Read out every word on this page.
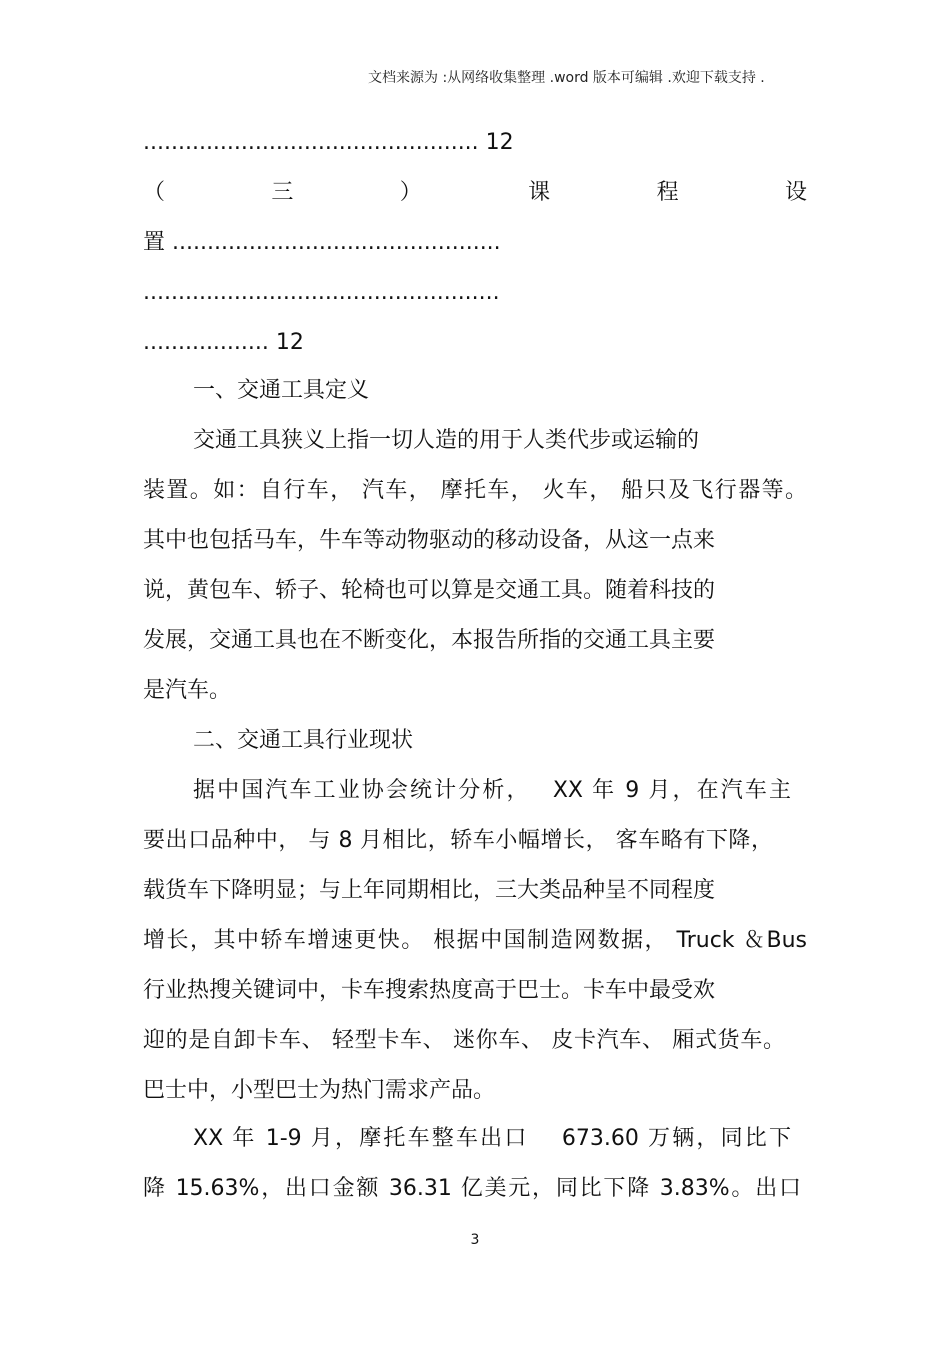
文档来源为 :从网络收集整理 .word 版本可编辑 .欢迎下载支持 .
................................................ 12
（	三	）	课	程	设
置 ...............................................
...................................................
.................. 12
一、交通工具定义
交通工具狭义上指一切人造的用于人类代步或运输的
装置。如：自行车， 汽车， 摩托车， 火车， 船只及飞行器等。
其中也包括马车，牛车等动物驱动的移动设备，从这一点来
说，黄包车、轿子、轮椅也可以算是交通工具。随着科技的
发展，交通工具也在不断变化，本报告所指的交通工具主要
是汽车。
二、交通工具行业现状
据中国汽车工业协会统计分析，　 XX 年 9 月，在汽车主
要出口品种中， 与 8 月相比，轿车小幅增长， 客车略有下降，
载货车下降明显；与上年同期相比，三大类品种呈不同程度
增长，其中轿车增速更快。 根据中国制造网数据， Truck ＆Bus
行业热搜关键词中，卡车搜索热度高于巴士。卡车中最受欢
迎的是自卸卡车、 轻型卡车、 迷你车、 皮卡汽车、 厢式货车。
巴士中，小型巴士为热门需求产品。
XX 年 1-9 月，摩托车整车出口 　673.60 万辆，同比下
降 15.63%，出口金额 36.31 亿美元，同比下降 3.83%。出口
3
